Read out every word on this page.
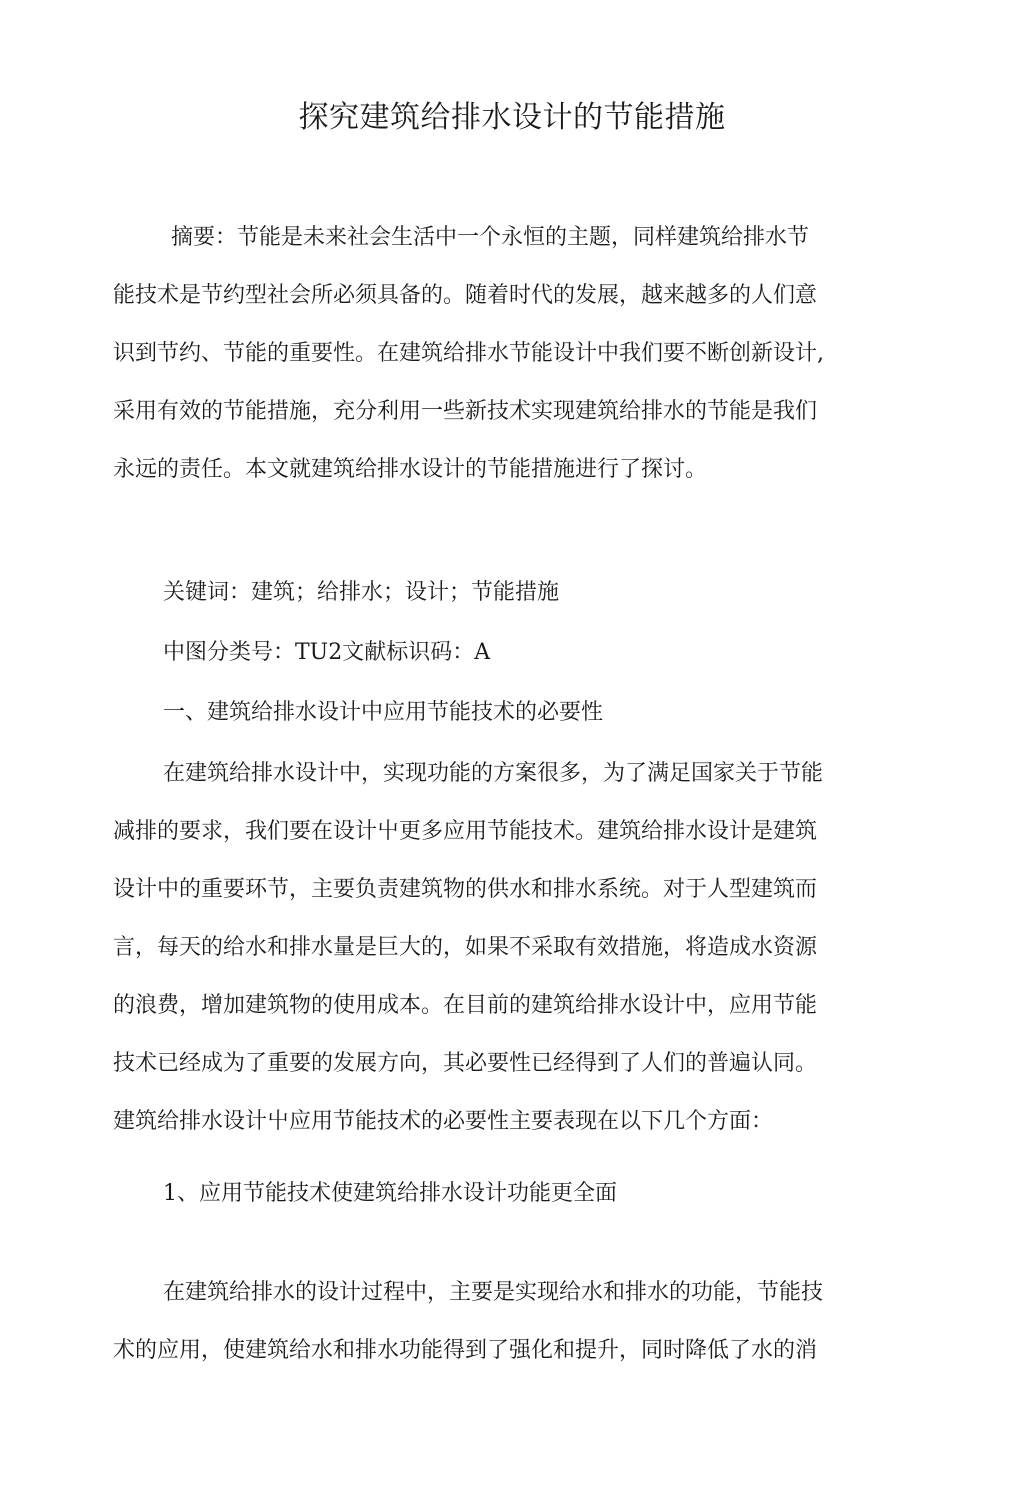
探究建筑给排水设计的节能措施
摘要：节能是未来社会生活中一个永恒的主题，同样建筑给排水节
能技术是节约型社会所必须具备的。随着时代的发展，越来越多的人们意
识到节约、节能的重要性。在建筑给排水节能设计中我们要不断创新设计,
采用有效的节能措施，充分利用一些新技术实现建筑给排水的节能是我们
永远的责任。本文就建筑给排水设计的节能措施进行了探讨。

关键词：建筑；给排水；设计；节能措施

中图分类号：TU2文献标识码：A

一、建筑给排水设计中应用节能技术的必要性

在建筑给排水设计中，实现功能的方案很多，为了满足国家关于节能
减排的要求，我们要在设计屮更多应用节能技术。建筑给排水设计是建筑
设计中的重要环节，主要负责建筑物的供水和排水系统。对于人型建筑而
言，每天的给水和排水量是巨大的，如果不采取有效措施，将造成水资源
的浪费，增加建筑物的使用成本。在目前的建筑给排水设计中，应用节能
技术已经成为了重要的发展方向，其必要性已经得到了人们的普遍认同。
建筑给排水设计屮应用节能技术的必要性主要表现在以下几个方面：

1、应用节能技术使建筑给排水设计功能更全面

在建筑给排水的设计过程中，主要是实现给水和排水的功能，节能技
术的应用，使建筑给水和排水功能得到了强化和提升，同时降低了水的消
